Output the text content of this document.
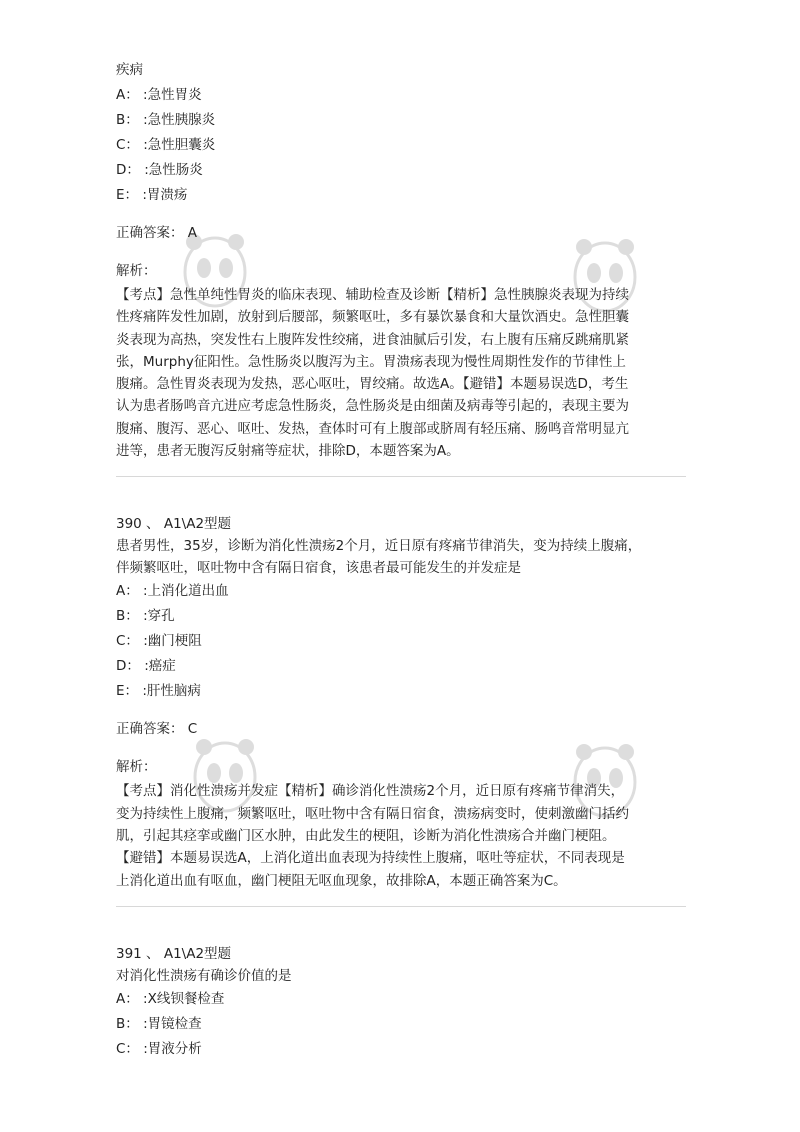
疾病
A： :急性胃炎
B： :急性胰腺炎
C： :急性胆囊炎
D： :急性肠炎
E： :胃溃疡
正确答案： A
解析：
【考点】急性单纯性胃炎的临床表现、辅助检查及诊断【精析】急性胰腺炎表现为持续
性疼痛阵发性加剧，放射到后腰部，频繁呕吐，多有暴饮暴食和大量饮酒史。急性胆囊
炎表现为高热，突发性右上腹阵发性绞痛，进食油腻后引发，右上腹有压痛反跳痛肌紧
张，Murphy征阳性。急性肠炎以腹泻为主。胃溃疡表现为慢性周期性发作的节律性上
腹痛。急性胃炎表现为发热，恶心呕吐，胃绞痛。故选A。【避错】本题易误选D，考生
认为患者肠鸣音亢进应考虑急性肠炎，急性肠炎是由细菌及病毒等引起的，表现主要为
腹痛、腹泻、恶心、呕吐、发热，查体时可有上腹部或脐周有轻压痛、肠鸣音常明显亢
进等，患者无腹泻反射痛等症状，排除D，本题答案为A。
390 、 A1\A2型题
患者男性，35岁，诊断为消化性溃疡2个月，近日原有疼痛节律消失，变为持续上腹痛，
伴频繁呕吐，呕吐物中含有隔日宿食，该患者最可能发生的并发症是
A： :上消化道出血
B： :穿孔
C： :幽门梗阻
D： :癌症
E： :肝性脑病
正确答案： C
解析：
【考点】消化性溃疡并发症【精析】确诊消化性溃疡2个月，近日原有疼痛节律消失，
变为持续性上腹痛，频繁呕吐，呕吐物中含有隔日宿食，溃疡病变时，使刺激幽门括约
肌，引起其痉挛或幽门区水肿，由此发生的梗阻，诊断为消化性溃疡合并幽门梗阻。
【避错】本题易误选A，上消化道出血表现为持续性上腹痛，呕吐等症状，不同表现是
上消化道出血有呕血，幽门梗阻无呕血现象，故排除A，本题正确答案为C。
391 、 A1\A2型题
对消化性溃疡有确诊价值的是
A： :X线钡餐检查
B： :胃镜检查
C： :胃液分析
